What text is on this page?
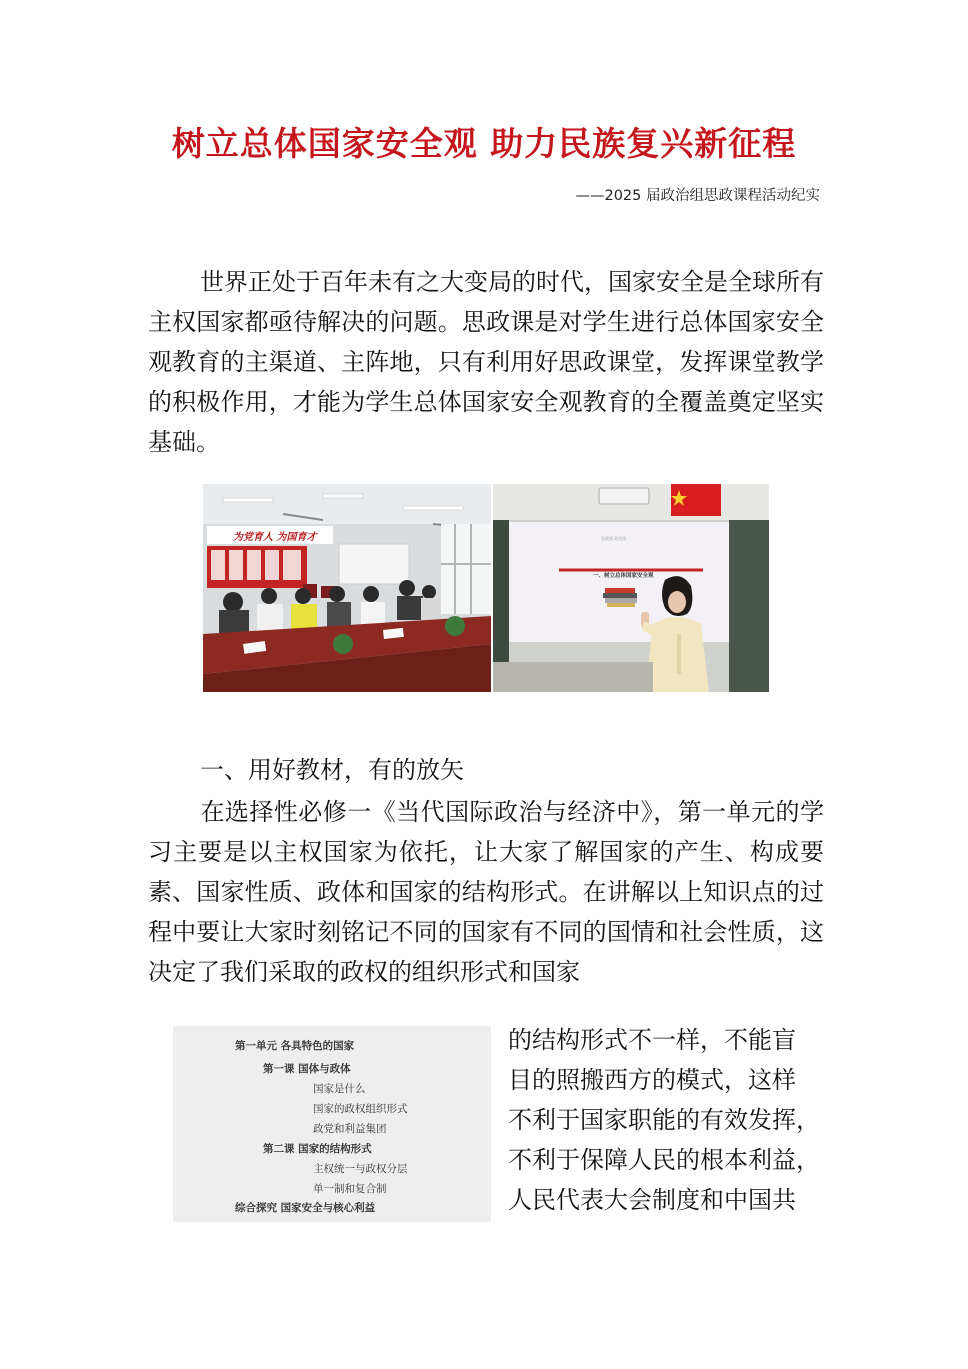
树立总体国家安全观 助力民族复兴新征程
——2025 届政治组思政课程活动纪实

世界正处于百年未有之大变局的时代，国家安全是全球所有主权国家都亟待解决的问题。思政课是对学生进行总体国家安全观教育的主渠道、主阵地，只有利用好思政课堂，发挥课堂教学的积极作用，才能为学生总体国家安全观教育的全覆盖奠定坚实基础。

为党育人 为国育才	思政课 政治组
一、树立总体国家安全观

一、用好教材，有的放矢

在选择性必修一《当代国际政治与经济中》，第一单元的学习主要是以主权国家为依托，让大家了解国家的产生、构成要素、国家性质、政体和国家的结构形式。在讲解以上知识点的过程中要让大家时刻铭记不同的国家有不同的国情和社会性质，这决定了我们采取的政权的组织形式和国家

第一单元 各具特色的国家
第一课 国体与政体
国家是什么
国家的政权组织形式
政党和利益集团
第二课 国家的结构形式
主权统一与政权分层
单一制和复合制
综合探究 国家安全与核心利益

的结构形式不一样，不能盲
目的照搬西方的模式，这样
不利于国家职能的有效发挥，
不利于保障人民的根本利益，
人民代表大会制度和中国共
